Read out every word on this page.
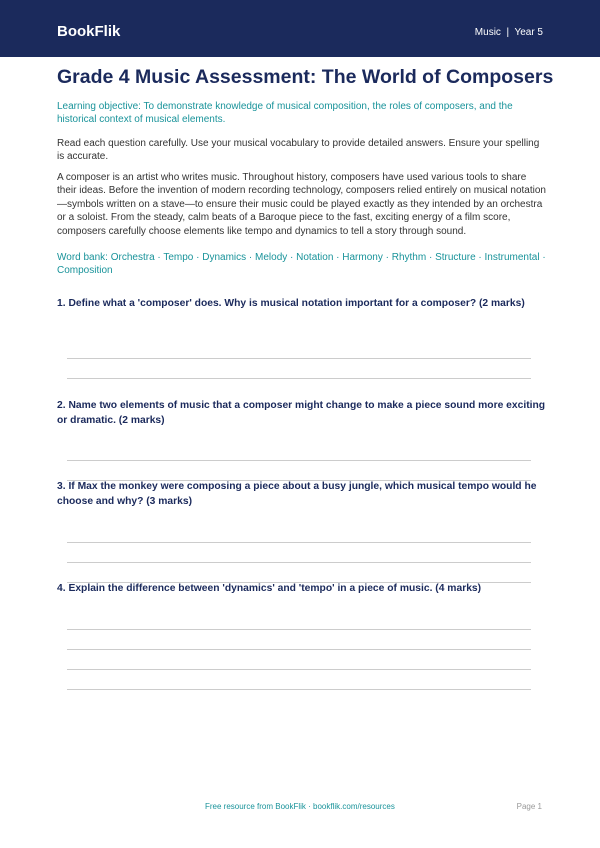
BookFlik	Music  |  Year 5
Grade 4 Music Assessment: The World of Composers
Learning objective: To demonstrate knowledge of musical composition, the roles of composers, and the historical context of musical elements.
Read each question carefully. Use your musical vocabulary to provide detailed answers. Ensure your spelling is accurate.
A composer is an artist who writes music. Throughout history, composers have used various tools to share their ideas. Before the invention of modern recording technology, composers relied entirely on musical notation—symbols written on a stave—to ensure their music could be played exactly as they intended by an orchestra or a soloist. From the steady, calm beats of a Baroque piece to the fast, exciting energy of a film score, composers carefully choose elements like tempo and dynamics to tell a story through sound.
Word bank: Orchestra · Tempo · Dynamics · Melody · Notation · Harmony · Rhythm · Structure · Instrumental · Composition
1. Define what a 'composer' does. Why is musical notation important for a composer? (2 marks)
2. Name two elements of music that a composer might change to make a piece sound more exciting or dramatic. (2 marks)
3. If Max the monkey were composing a piece about a busy jungle, which musical tempo would he choose and why? (3 marks)
4. Explain the difference between 'dynamics' and 'tempo' in a piece of music. (4 marks)
Free resource from BookFlik · bookflik.com/resources	Page 1
